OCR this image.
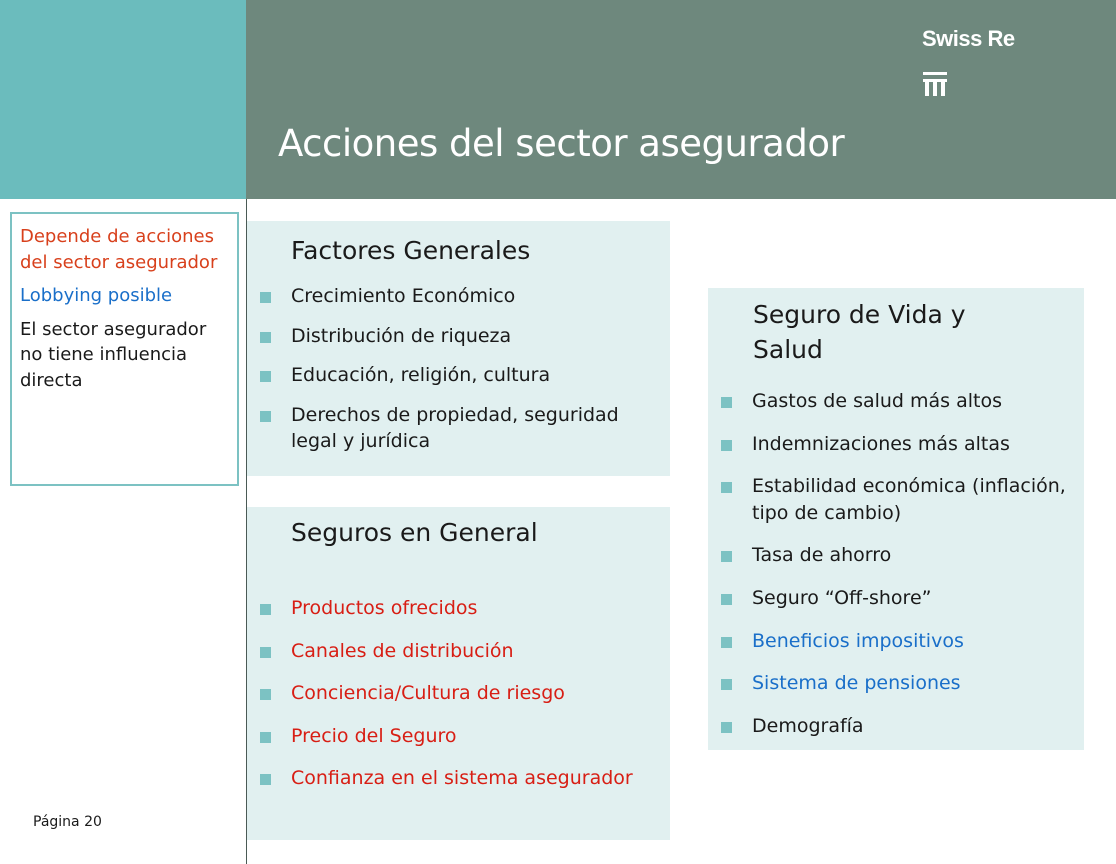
Swiss Re
Acciones del sector asegurador

Depende de acciones del sector asegurador

Lobbying posible

El sector asegurador no tiene influencia directa

Factores Generales
Crecimiento Económico
Distribución de riqueza
Educación, religión, cultura
Derechos de propiedad, seguridad legal y jurídica
Seguros en General
Productos ofrecidos
Canales de distribución
Conciencia/Cultura de riesgo
Precio del Seguro
Confianza en el sistema asegurador
Seguro de Vida y Salud
Gastos de salud más altos
Indemnizaciones más altas
Estabilidad económica (inflación, tipo de cambio)
Tasa de ahorro
Seguro “Off-shore”
Beneficios impositivos
Sistema de pensiones
Demografía
Página 20
